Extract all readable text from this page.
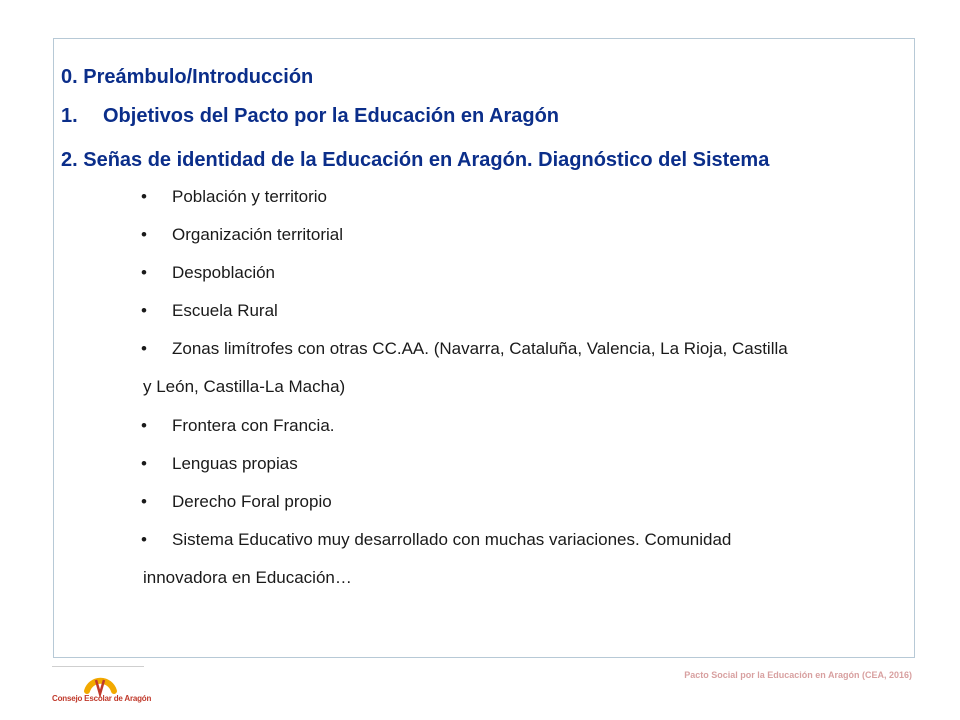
0. Preámbulo/Introducción
1. Objetivos del Pacto por la Educación en Aragón
2. Señas de identidad de la Educación en Aragón. Diagnóstico del Sistema
• Población y territorio
• Organización territorial
• Despoblación
• Escuela Rural
• Zonas limítrofes con otras CC.AA. (Navarra, Cataluña, Valencia, La Rioja, Castilla
y León, Castilla-La Macha)
• Frontera con Francia.
• Lenguas propias
• Derecho Foral propio
• Sistema Educativo muy desarrollado con muchas variaciones. Comunidad
innovadora en Educación…
Consejo Escolar de Aragón
Pacto Social por la Educación en Aragón (CEA, 2016)
